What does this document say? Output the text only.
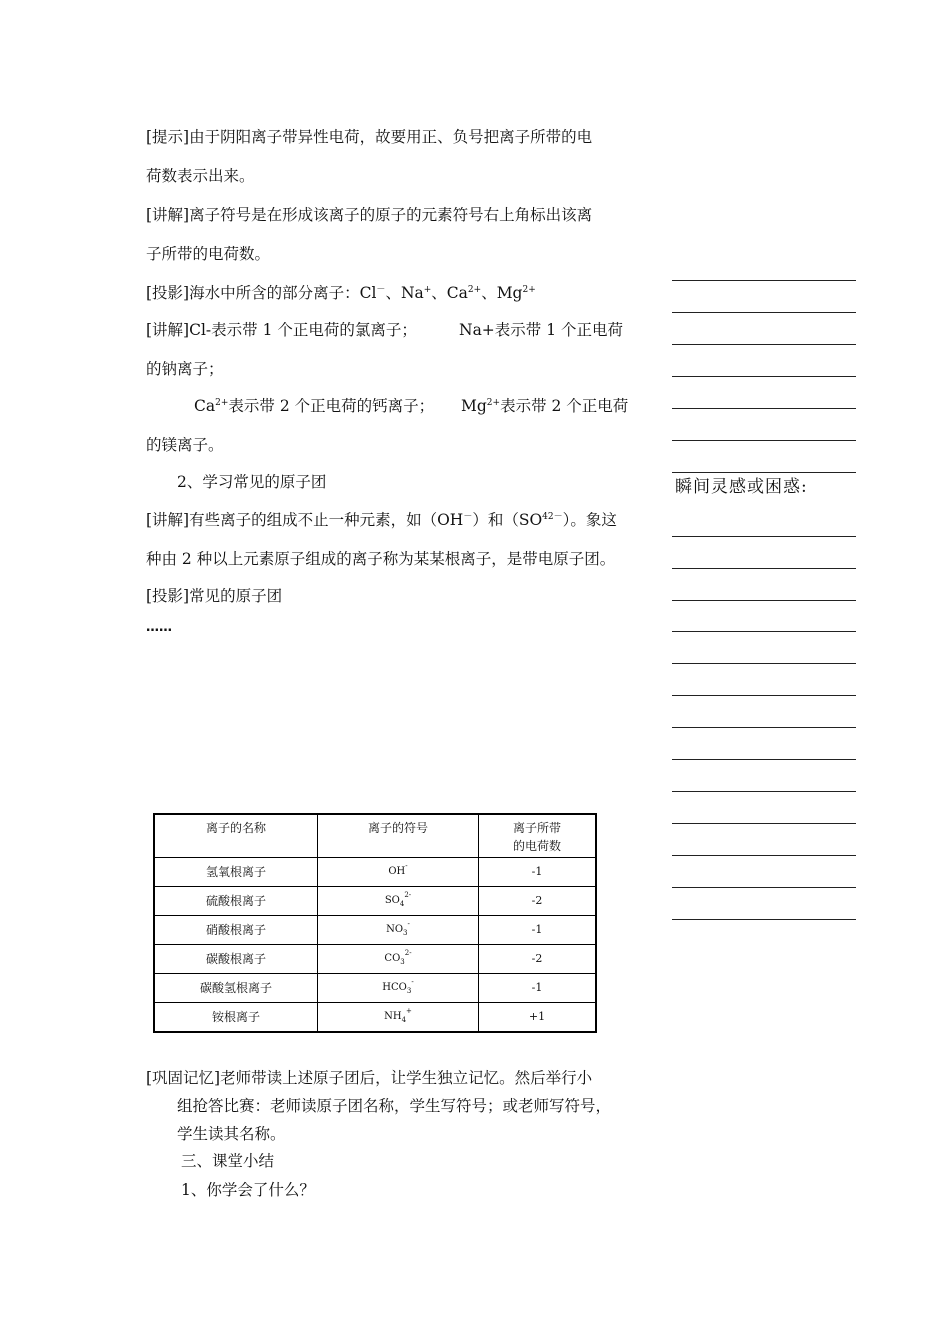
[提示]由于阴阳离子带异性电荷，故要用正、负号把离子所带的电
荷数表示出来。
[讲解]离子符号是在形成该离子的原子的元素符号右上角标出该离
子所带的电荷数。
[投影]海水中所含的部分离子：Cl－、Na+、$Ca^{2+}$、$Mg^{2+}$
[讲解]Cl-表示带 1 个正电荷的氯离子；	Na+表示带 1 个正电荷
的钠离子；
$Ca^{2+}$表示带 2 个正电荷的钙离子； $Mg^{2+}$表示带 2 个正电荷
的镁离子。
2、学习常见的原子团
[讲解]有些离子的组成不止一种元素，如（OH－）和$(SO^{42-})$。象这
种由 2 种以上元素原子组成的离子称为某某根离子，是带电原子团。
[投影]常见的原子团
……
离子的名称	离子的符号	离子所带
的电荷数
氢氧根离子	OH-	-1
硫酸根离子	$SO_4^{2-}$	-2
硝酸根离子	$NO_3^-$	-1
碳酸根离子	$CO_3^{2-}$	-2
碳酸氢根离子	$HCO_3^-$	-1
铵根离子	$NH_4^+$	+1
[巩固记忆]老师带读上述原子团后，让学生独立记忆。然后举行小
组抢答比赛：老师读原子团名称，学生写符号；或老师写符号，
学生读其名称。
三、课堂小结
1、你学会了什么？
瞬间灵感或困惑:
